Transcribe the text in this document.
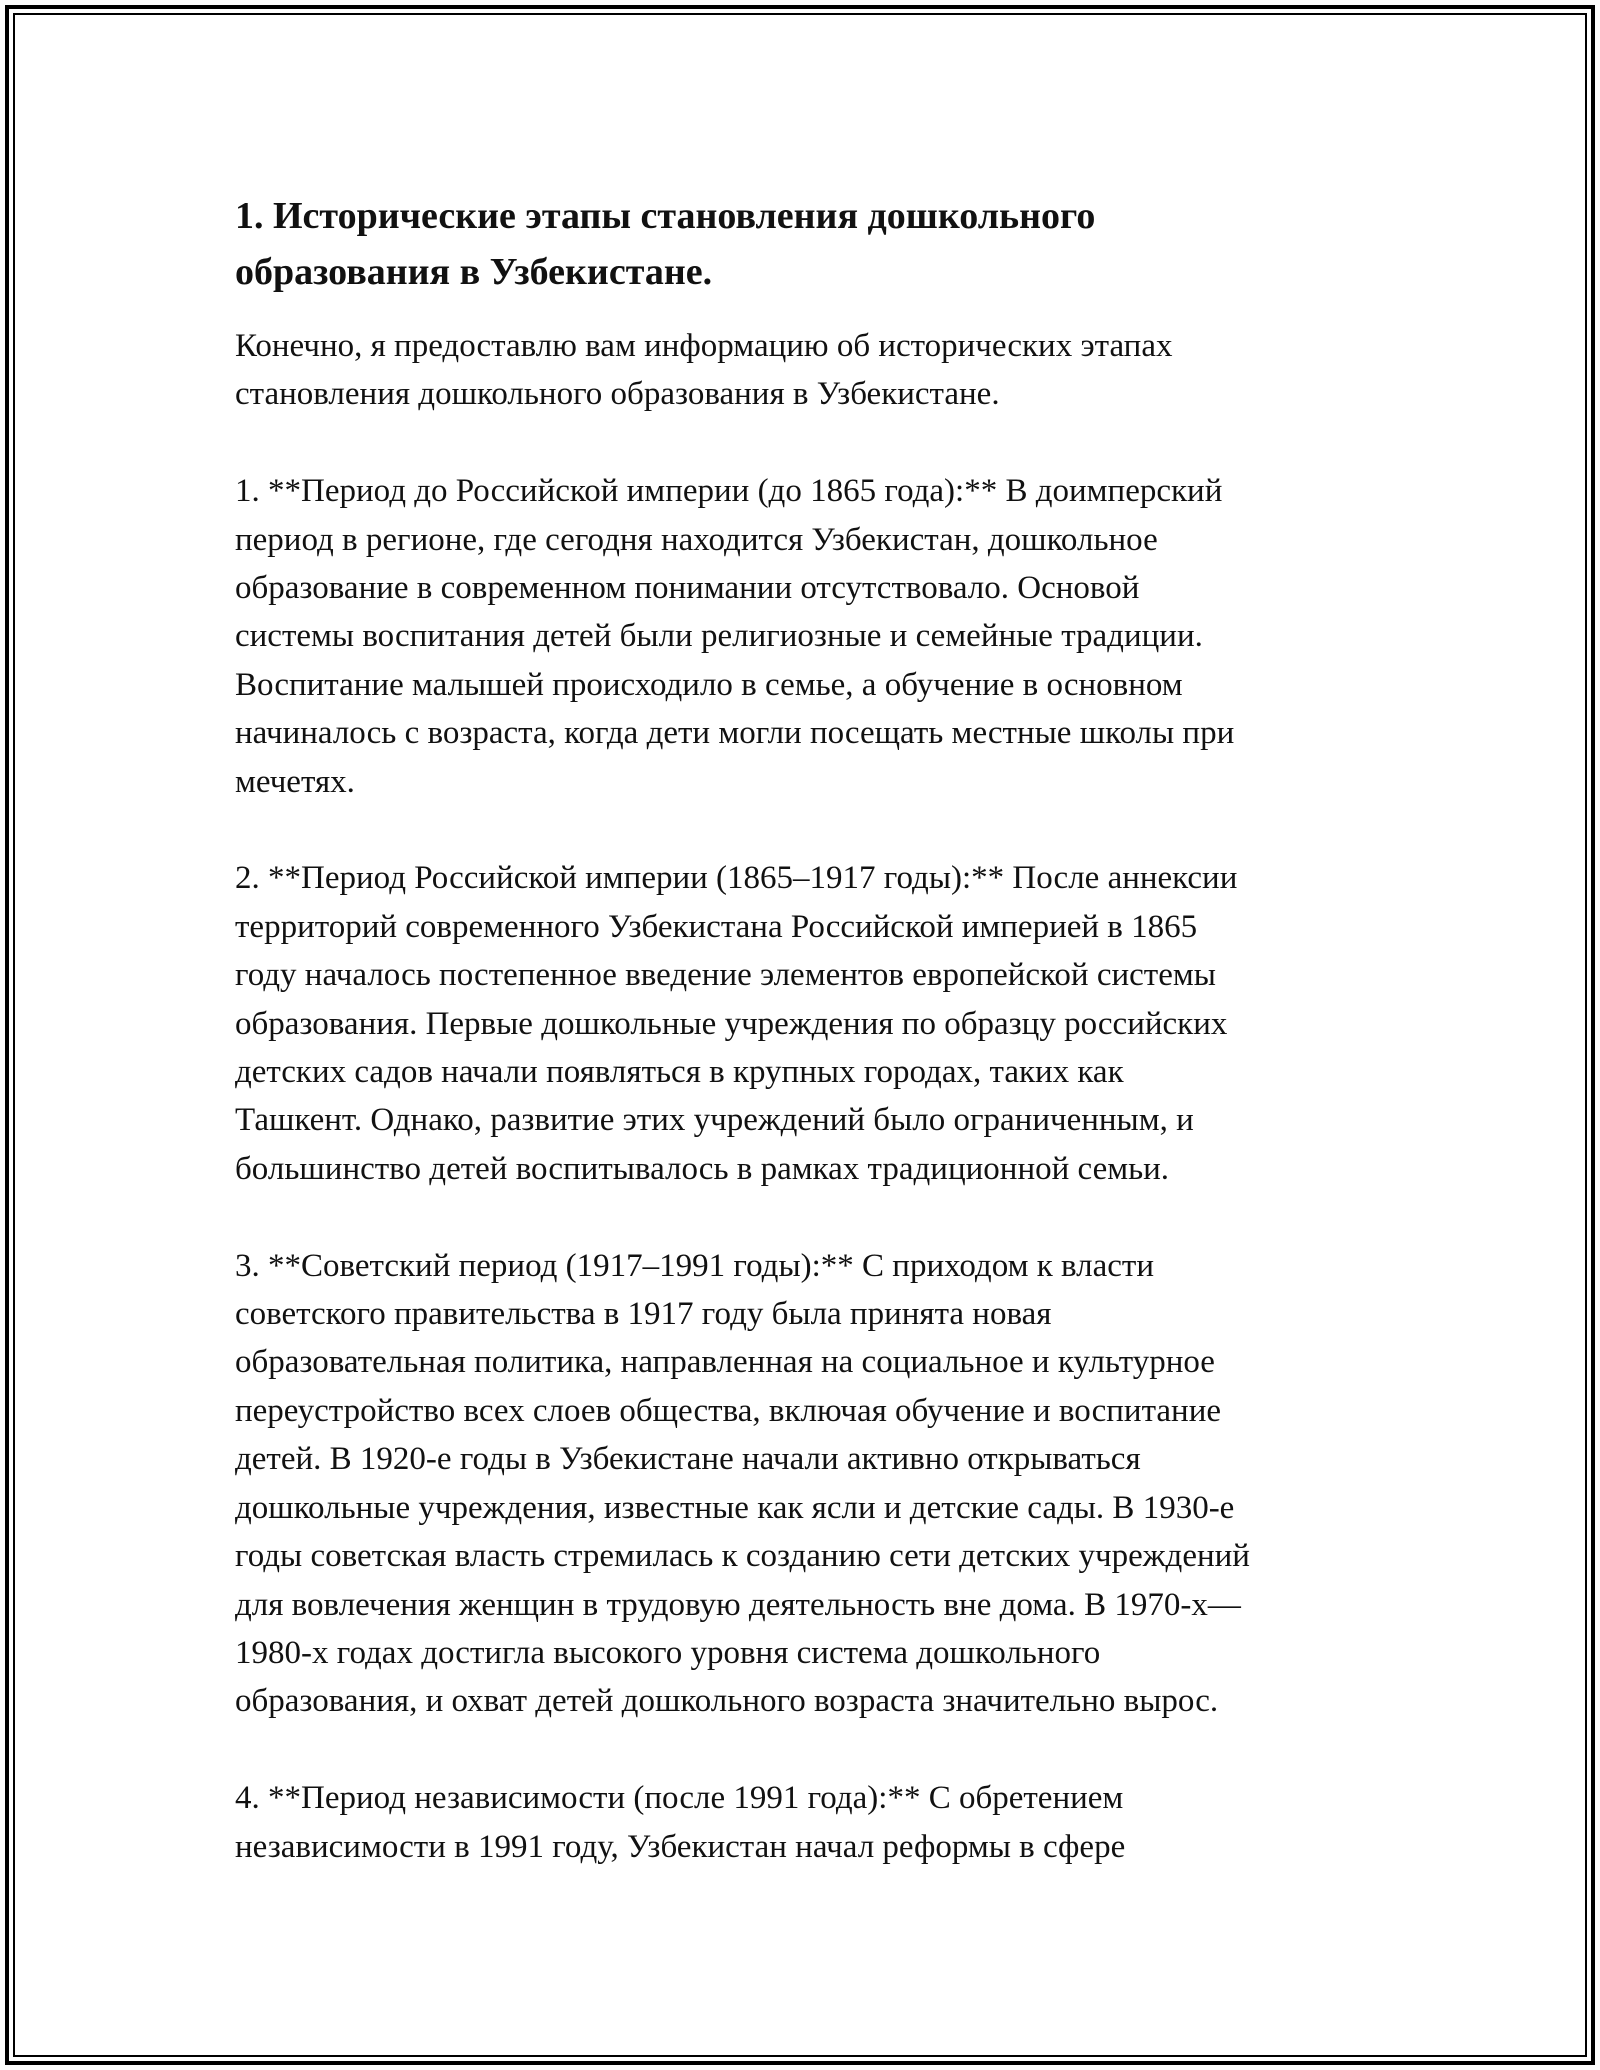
1. Исторические этапы становления дошкольного
образования в Узбекистане.

Конечно, я предоставлю вам информацию об исторических этапах
становления дошкольного образования в Узбекистане.

1. **Период до Российской империи (до 1865 года):** В доимперский
период в регионе, где сегодня находится Узбекистан, дошкольное
образование в современном понимании отсутствовало. Основой
системы воспитания детей были религиозные и семейные традиции.
Воспитание малышей происходило в семье, а обучение в основном
начиналось с возраста, когда дети могли посещать местные школы при
мечетях.

2. **Период Российской империи (1865–1917 годы):** После аннексии
территорий современного Узбекистана Российской империей в 1865
году началось постепенное введение элементов европейской системы
образования. Первые дошкольные учреждения по образцу российских
детских садов начали появляться в крупных городах, таких как
Ташкент. Однако, развитие этих учреждений было ограниченным, и
большинство детей воспитывалось в рамках традиционной семьи.

3. **Советский период (1917–1991 годы):** С приходом к власти
советского правительства в 1917 году была принята новая
образовательная политика, направленная на социальное и культурное
переустройство всех слоев общества, включая обучение и воспитание
детей. В 1920-е годы в Узбекистане начали активно открываться
дошкольные учреждения, известные как ясли и детские сады. В 1930-е
годы советская власть стремилась к созданию сети детских учреждений
для вовлечения женщин в трудовую деятельность вне дома. В 1970-х—
1980-х годах достигла высокого уровня система дошкольного
образования, и охват детей дошкольного возраста значительно вырос.

4. **Период независимости (после 1991 года):** С обретением
независимости в 1991 году, Узбекистан начал реформы в сфере
